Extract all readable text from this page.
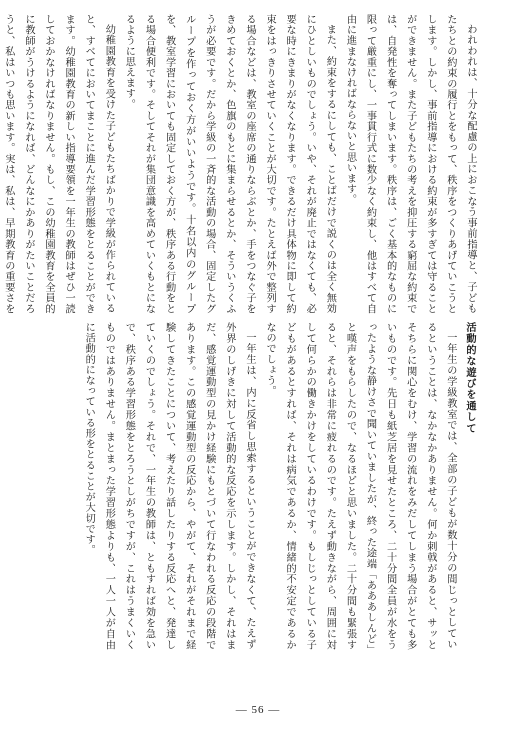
われわれは、十分な配慮の上におこなう事前指導と、子どもたちとの約束の履行とをもって、秩序をつくりあげていこうとします。しかし、事前指導における約束が多すぎては守ることができません。また子どもたちの考えを抑圧する窮屈な約束では、自発性を奪ってしまいます。秩序は、ごく基本的なものに限って厳重にし、一事貫行式に数少なく約束し、他はすべて自由に進まなければならないと思います。

また、約束をするにしても、ことばだけで説くのは全く無効にひとしいものでしょう。いや、それが廃止ではなくても、必要な時にきまりがなくなります。できるだけ具体物に即して約束をはっきりさせていくことが大切です。たとえば外で整列する場合などは、教室の座席の通りならぶとか、手をつなぐ子をきめておくとか、色旗のもとに集まらせるとか、そういうくふうが必要です。だから学級の一斉的な活動の場合、固定したグループを作っておく方がいいようです。十名以内のグループを、教室学習においても固定しておく方が、秩序ある行動をとる場合便利です。そしてそれが集団意識を高めていくもとになるように思えます。

幼稚園教育を受けた子どもたちばかりで学級が作られていると、すべてにおいてまことに進んだ学習形態をとることができます。幼稚園教育の新しい指導要領を一年生の教師はぜひ一読しておかなければなりません。もし、この幼稚園教育を全員的に教師がうけるようになれば、どんなにかありがたいことだろうと、私はいつも思います。実は、私は、早期教育の重要さを

活動的な遊びを通して

一年生の学級教室では、全部の子どもが数十分の間じっとしているということは、なかなかありません。何か刺戟があると、サッとそちらに関心をむけ、学習の流れをみだしてしまう場合がとても多いものです。先日も紙芝居を見せたところ、二十分間全員が水をうったような静けさで聞いていましたが、終った途端「あああしんど」と嘆声をもらしたので、なるほどと思いました。二十分間も緊張すると、それらは非常に疲れるのです。たえず動きながら、周囲に対して何らかの働きかけをしているわけです。もしじっとしている子どもがあるとすれば、それは病気であるか、情緒的不安定であるかなのでしょう。

一年生は、内に反省し思索するということができなくて、たえず外界のしげきに対して活動的な反応を示します。しかし、それはまだ、感覚運動型の見かけ経験にもとづいて行なわれる反応の段階であります。この感覚運動型の反応から、やがて、それがそれまで経験してきたことについて、考えたり話したりする反応へと、発達していくのでしょう。それで、一年生の教師は、ともすれば効を急いで、秩序ある学習形態をとろうとしがちですが、これはうまくいくものではありません。まとまった学習形態よりも、一人一人が自由に活動的になっている形をとることが大切です。

— 56 —
